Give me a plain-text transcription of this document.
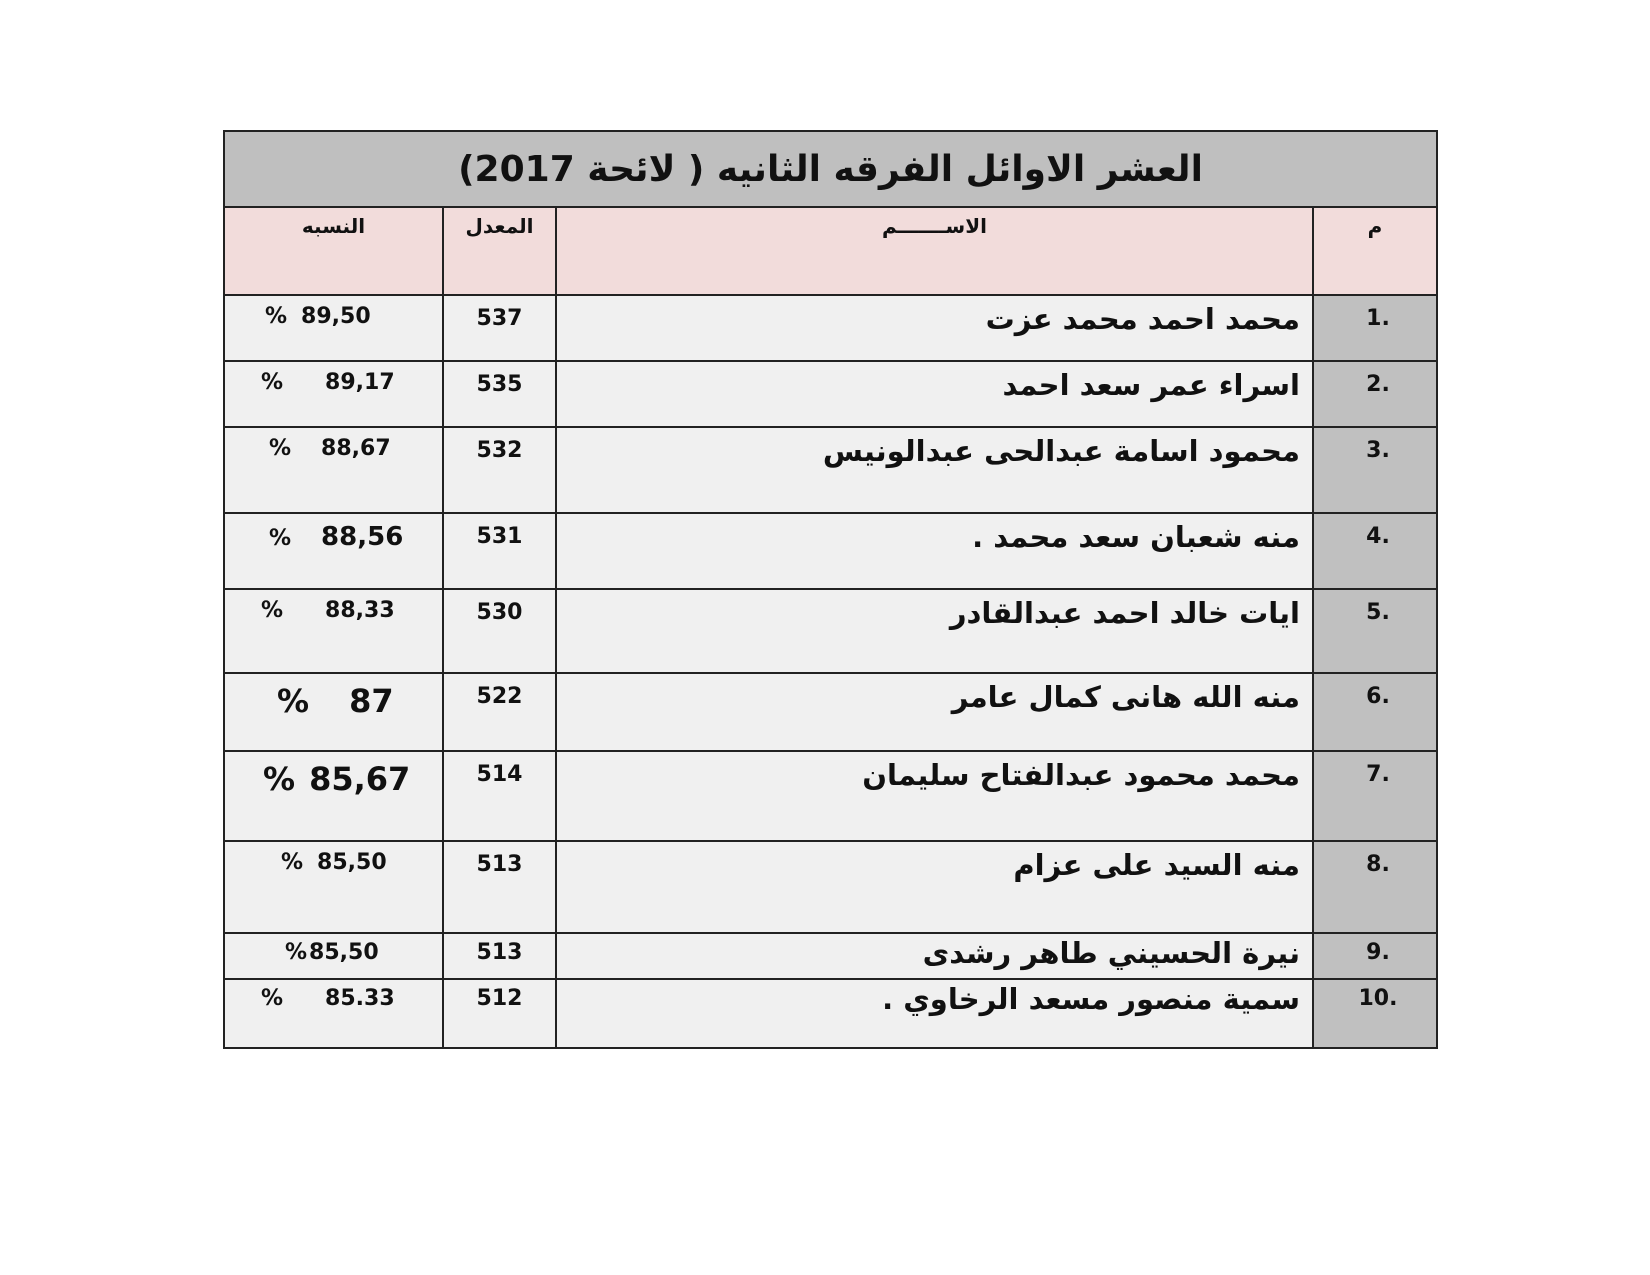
العشر الاوائل الفرقه الثانيه ( لائحة 2017)
م	الاســـــــم	المعدل	النسبه
1.	محمد احمد محمد عزت	537	% 89,50
2.	اسراء عمر سعد احمد	535	% 89,17
3.	محمود اسامة عبدالحى عبدالونيس	532	% 88,67
4.	منه شعبان سعد محمد .	531	% 88,56
5.	ايات خالد احمد عبدالقادر	530	% 88,33
6.	منه الله هانى كمال عامر	522	% 87
7.	محمد محمود عبدالفتاح سليمان	514	% 85,67
8.	منه السيد على عزام	513	% 85,50
9.	نيرة الحسيني طاهر رشدى	513	%85,50
10.	سمية منصور مسعد الرخاوي .	512	% 85.33
